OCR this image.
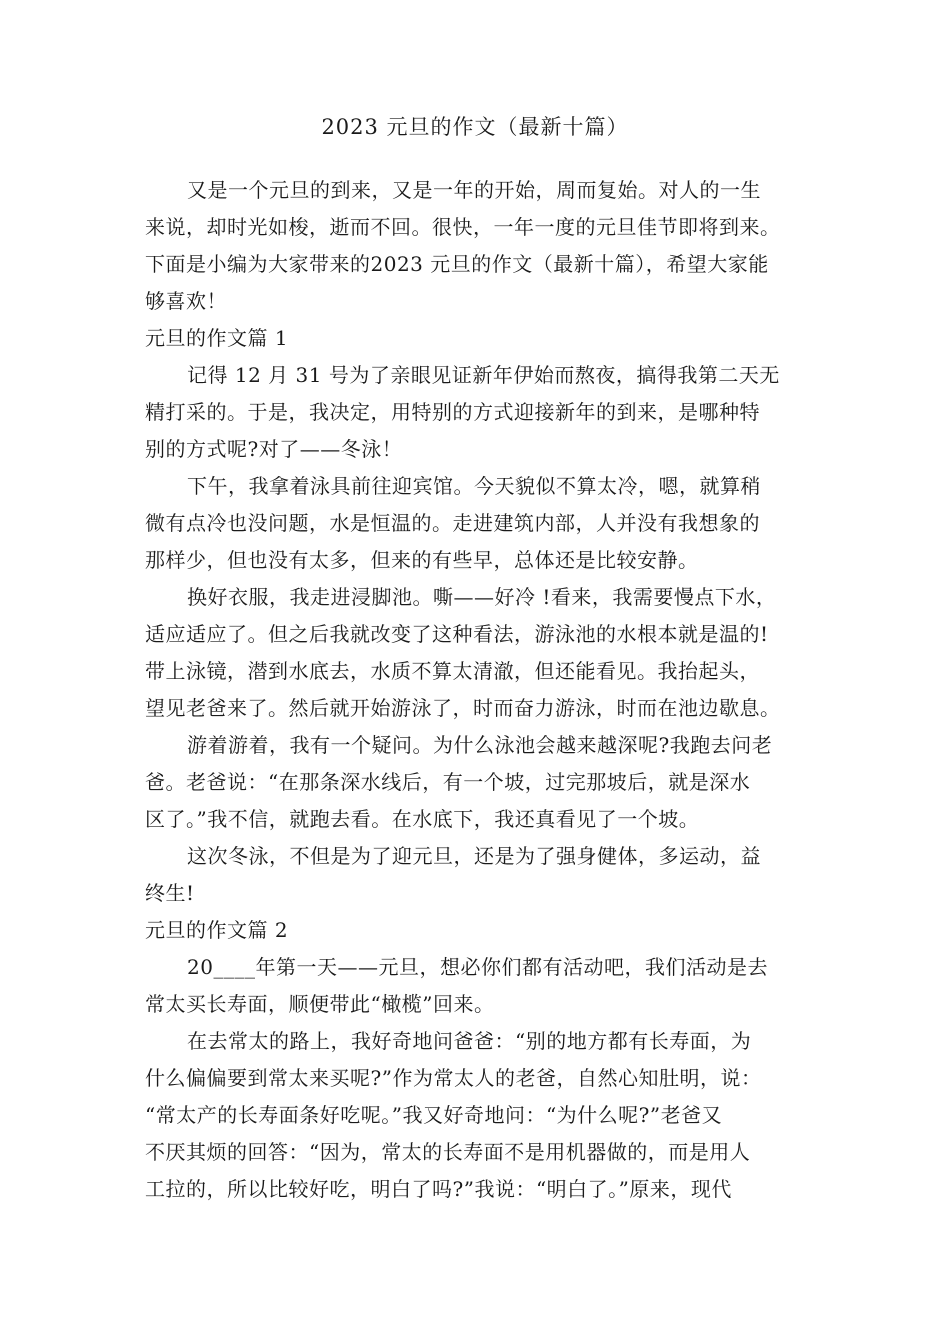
2023 元旦的作文（最新十篇）
又是一个元旦的到来，又是一年的开始，周而复始。对人的一生
来说，却时光如梭，逝而不回。很快，一年一度的元旦佳节即将到来。
下面是小编为大家带来的2023 元旦的作文（最新十篇），希望大家能
够喜欢！
元旦的作文篇 1
记得 12 月 31 号为了亲眼见证新年伊始而熬夜，搞得我第二天无
精打采的。于是，我决定，用特别的方式迎接新年的到来，是哪种特
别的方式呢?对了——冬泳！
下午，我拿着泳具前往迎宾馆。今天貌似不算太冷，嗯，就算稍
微有点冷也没问题，水是恒温的。走进建筑内部，人并没有我想象的
那样少，但也没有太多，但来的有些早，总体还是比较安静。
换好衣服，我走进浸脚池。嘶——好冷 !看来，我需要慢点下水，
适应适应了。但之后我就改变了这种看法，游泳池的水根本就是温的!
带上泳镜，潜到水底去，水质不算太清澈，但还能看见。我抬起头，
望见老爸来了。然后就开始游泳了，时而奋力游泳，时而在池边歇息。
游着游着，我有一个疑问。为什么泳池会越来越深呢?我跑去问老
爸。老爸说：“在那条深水线后，有一个坡，过完那坡后，就是深水
区了。”我不信，就跑去看。在水底下，我还真看见了一个坡。
这次冬泳，不但是为了迎元旦，还是为了强身健体，多运动，益
终生!
元旦的作文篇 2
20____年第一天——元旦，想必你们都有活动吧，我们活动是去
常太买长寿面，顺便带此“橄榄”回来。
在去常太的路上，我好奇地问爸爸：“别的地方都有长寿面，为
什么偏偏要到常太来买呢?”作为常太人的老爸，自然心知肚明，说：
“常太产的长寿面条好吃呢。”我又好奇地问：“为什么呢?”老爸又
不厌其烦的回答：“因为，常太的长寿面不是用机器做的，而是用人
工拉的，所以比较好吃，明白了吗?”我说：“明白了。”原来，现代
